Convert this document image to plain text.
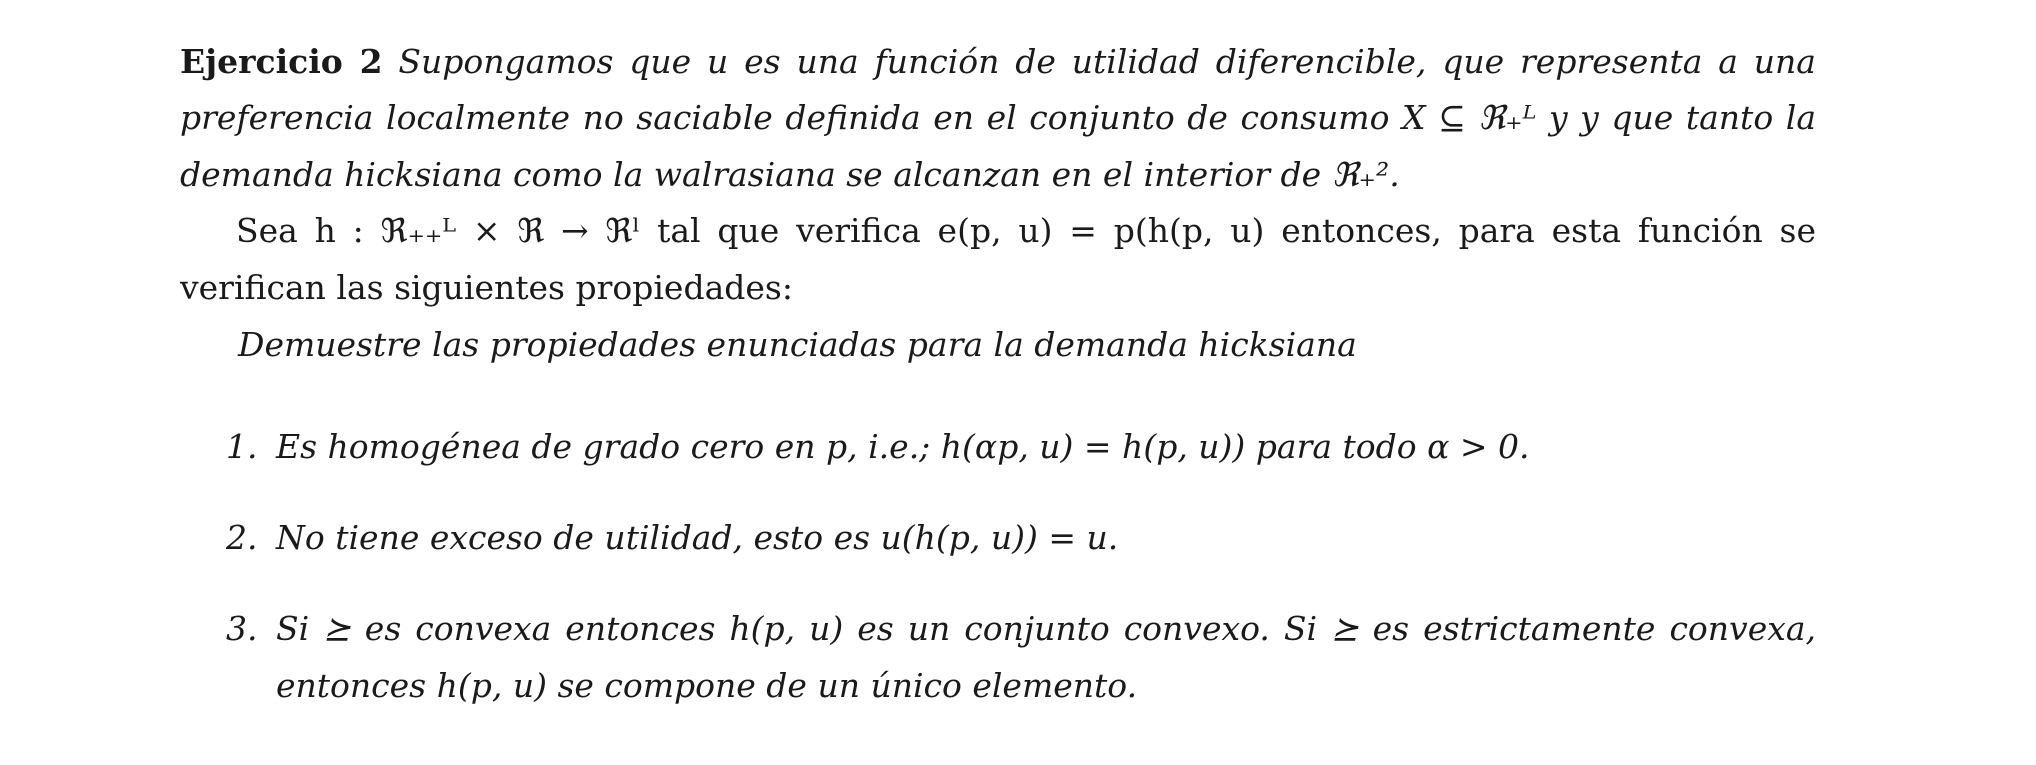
Ejercicio 2 Supongamos que u es una función de utilidad diferencible, que representa a una
preferencia localmente no saciable definida en el conjunto de consumo X ⊆ ℜ₊ᴸ y y que tanto la
demanda hicksiana como la walrasiana se alcanzan en el interior de ℜ₊².
Sea h : ℜ₊₊ᴸ × ℜ → ℜˡ tal que verifica e(p, u) = p(h(p, u) entonces, para esta función se
verifican las siguientes propiedades:
Demuestre las propiedades enunciadas para la demanda hicksiana
1. Es homogénea de grado cero en p, i.e.; h(αp, u) = h(p, u)) para todo α > 0.
2. No tiene exceso de utilidad, esto es u(h(p, u)) = u.
3. Si ⪰ es convexa entonces h(p, u) es un conjunto convexo. Si ⪰ es estrictamente convexa,
entonces h(p, u) se compone de un único elemento.
